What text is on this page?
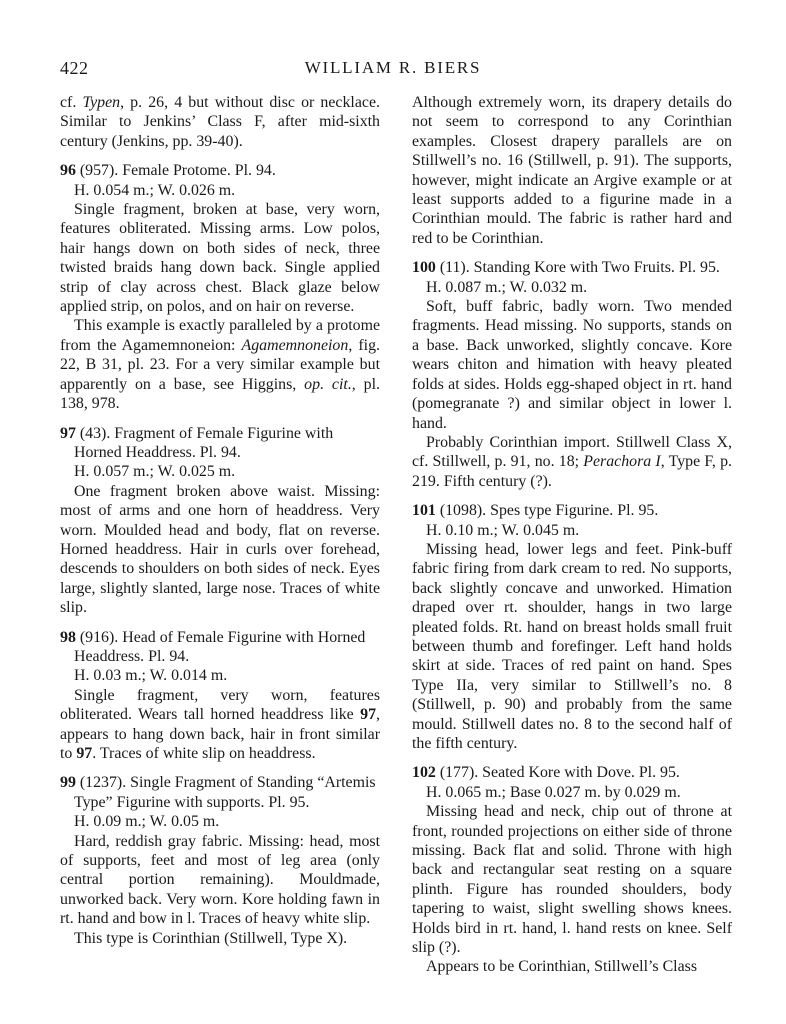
422	WILLIAM R. BIERS

cf. Typen, p. 26, 4 but without disc or necklace. Similar to Jenkins’ Class F, after mid-sixth century (Jenkins, pp. 39-40).

96 (957). Female Protome. Pl. 94.

H. 0.054 m.; W. 0.026 m.

Single fragment, broken at base, very worn, features obliterated. Missing arms. Low polos, hair hangs down on both sides of neck, three twisted braids hang down back. Single applied strip of clay across chest. Black glaze below applied strip, on polos, and on hair on reverse.

This example is exactly paralleled by a protome from the Agamemnoneion: Agamemnoneion, fig. 22, B 31, pl. 23. For a very similar example but apparently on a base, see Higgins, op. cit., pl. 138, 978.

97 (43). Fragment of Female Figurine with Horned Headdress. Pl. 94.

H. 0.057 m.; W. 0.025 m.

One fragment broken above waist. Missing: most of arms and one horn of headdress. Very worn. Moulded head and body, flat on reverse. Horned headdress. Hair in curls over forehead, descends to shoulders on both sides of neck. Eyes large, slightly slanted, large nose. Traces of white slip.

98 (916). Head of Female Figurine with Horned Headdress. Pl. 94.

H. 0.03 m.; W. 0.014 m.

Single fragment, very worn, features obliterated. Wears tall horned headdress like 97, appears to hang down back, hair in front similar to 97. Traces of white slip on headdress.

99 (1237). Single Fragment of Standing “Artemis Type” Figurine with supports. Pl. 95.

H. 0.09 m.; W. 0.05 m.

Hard, reddish gray fabric. Missing: head, most of supports, feet and most of leg area (only central portion remaining). Mouldmade, unworked back. Very worn. Kore holding fawn in rt. hand and bow in l. Traces of heavy white slip.

This type is Corinthian (Stillwell, Type X).

Although extremely worn, its drapery details do not seem to correspond to any Corinthian examples. Closest drapery parallels are on Stillwell’s no. 16 (Stillwell, p. 91). The supports, however, might indicate an Argive example or at least supports added to a figurine made in a Corinthian mould. The fabric is rather hard and red to be Corinthian.

100 (11). Standing Kore with Two Fruits. Pl. 95.

H. 0.087 m.; W. 0.032 m.

Soft, buff fabric, badly worn. Two mended fragments. Head missing. No supports, stands on a base. Back unworked, slightly concave. Kore wears chiton and himation with heavy pleated folds at sides. Holds egg-shaped object in rt. hand (pomegranate ?) and similar object in lower l. hand.

Probably Corinthian import. Stillwell Class X, cf. Stillwell, p. 91, no. 18; Perachora I, Type F, p. 219. Fifth century (?).

101 (1098). Spes type Figurine. Pl. 95.

H. 0.10 m.; W. 0.045 m.

Missing head, lower legs and feet. Pink-buff fabric firing from dark cream to red. No supports, back slightly concave and unworked. Himation draped over rt. shoulder, hangs in two large pleated folds. Rt. hand on breast holds small fruit between thumb and forefinger. Left hand holds skirt at side. Traces of red paint on hand. Spes Type IIa, very similar to Stillwell’s no. 8 (Stillwell, p. 90) and probably from the same mould. Stillwell dates no. 8 to the second half of the fifth century.

102 (177). Seated Kore with Dove. Pl. 95.

H. 0.065 m.; Base 0.027 m. by 0.029 m.

Missing head and neck, chip out of throne at front, rounded projections on either side of throne missing. Back flat and solid. Throne with high back and rectangular seat resting on a square plinth. Figure has rounded shoulders, body tapering to waist, slight swelling shows knees. Holds bird in rt. hand, l. hand rests on knee. Self slip (?).

Appears to be Corinthian, Stillwell’s Class
